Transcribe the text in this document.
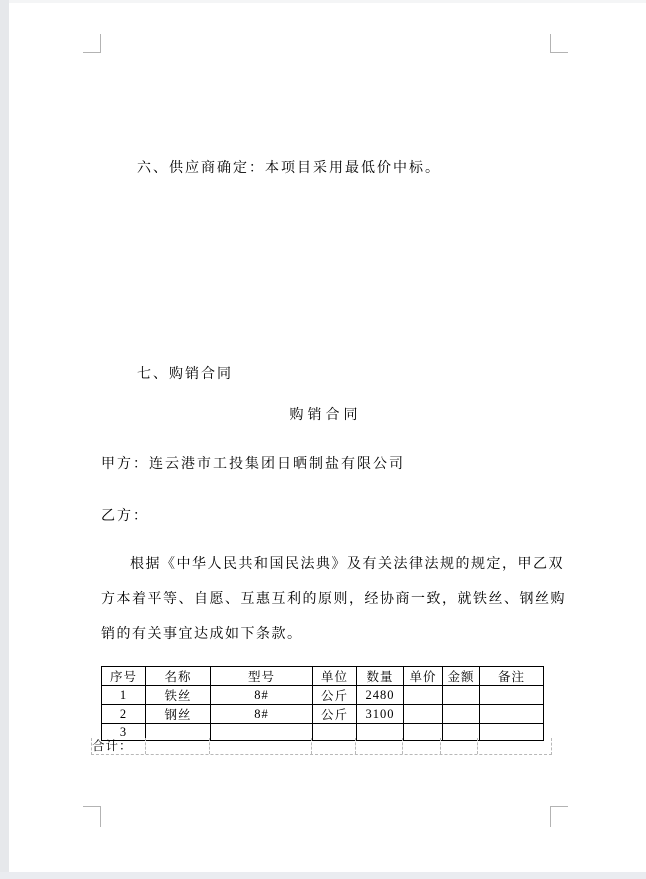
六、供应商确定：本项目采用最低价中标。
七、购销合同
购销合同
甲方：连云港市工投集团日晒制盐有限公司
乙方：
根据《中华人民共和国民法典》及有关法律法规的规定，甲乙双
方本着平等、自愿、互惠互利的原则，经协商一致，就铁丝、钢丝购
销的有关事宜达成如下条款。
序号	名称	型号	单位	数量	单价	金额	备注
1	铁丝	8#	公斤	2480			
2	钢丝	8#	公斤	3100			
3							
合计：
